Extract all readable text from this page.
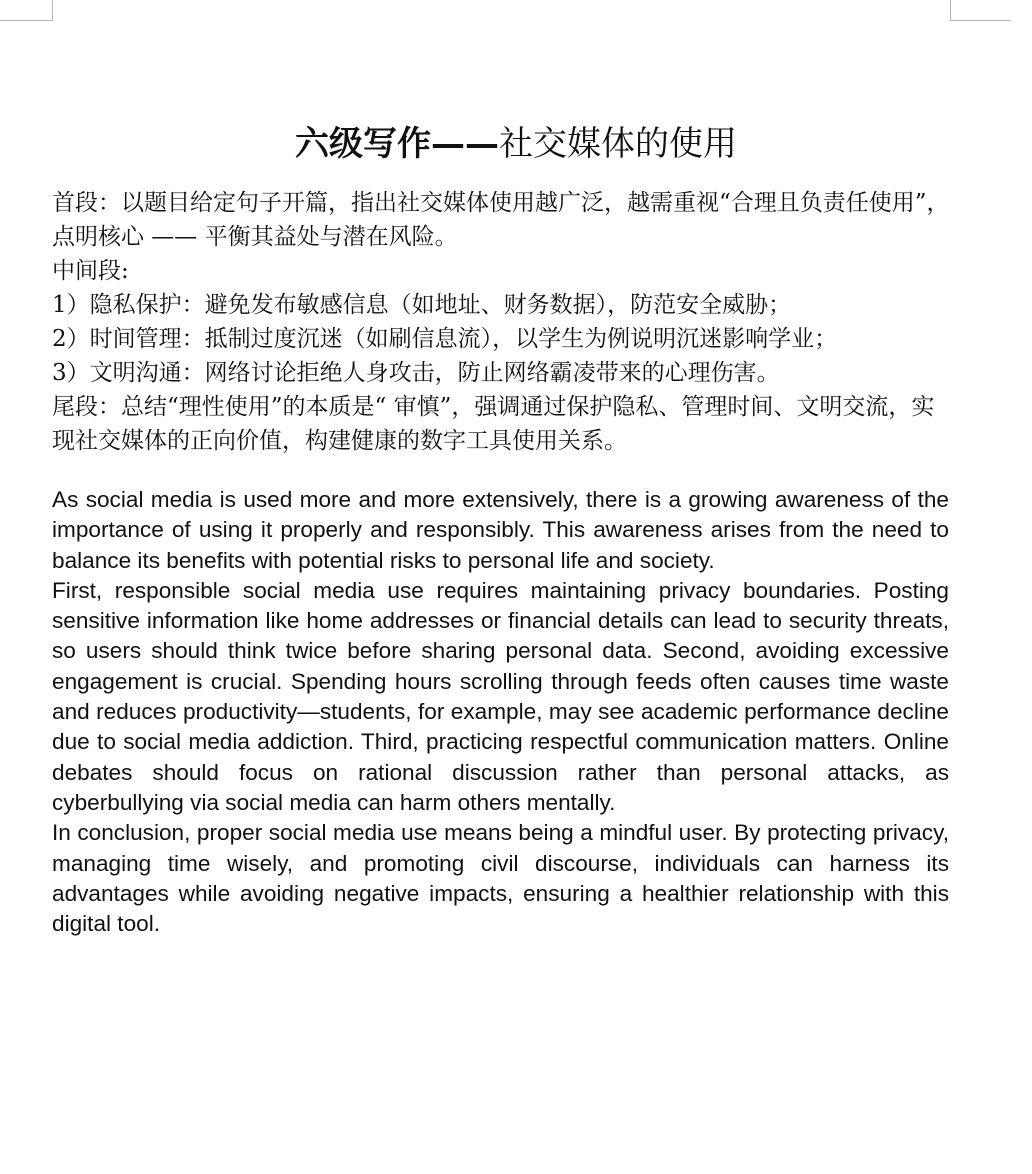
六级写作——社交媒体的使用

首段：以题目给定句子开篇，指出社交媒体使用越广泛，越需重视“合理且负责任使用”，点明核心 —— 平衡其益处与潜在风险。

中间段:

1）隐私保护：避免发布敏感信息（如地址、财务数据），防范安全威胁；

2）时间管理：抵制过度沉迷（如刷信息流），以学生为例说明沉迷影响学业；

3）文明沟通：网络讨论拒绝人身攻击，防止网络霸凌带来的心理伤害。

尾段：总结“理性使用”的本质是“ 审慎”，强调通过保护隐私、管理时间、文明交流，实现社交媒体的正向价值，构建健康的数字工具使用关系。

As social media is used more and more extensively, there is a growing awareness of the importance of using it properly and responsibly. This awareness arises from the need to balance its benefits with potential risks to personal life and society.

First, responsible social media use requires maintaining privacy boundaries. Posting sensitive information like home addresses or financial details can lead to security threats, so users should think twice before sharing personal data. Second, avoiding excessive engagement is crucial. Spending hours scrolling through feeds often causes time waste and reduces productivity—students, for example, may see academic performance decline due to social media addiction. Third, practicing respectful communication matters. Online debates should focus on rational discussion rather than personal attacks, as cyberbullying via social media can harm others mentally.

In conclusion, proper social media use means being a mindful user. By protecting privacy, managing time wisely, and promoting civil discourse, individuals can harness its advantages while avoiding negative impacts, ensuring a healthier relationship with this digital tool.
